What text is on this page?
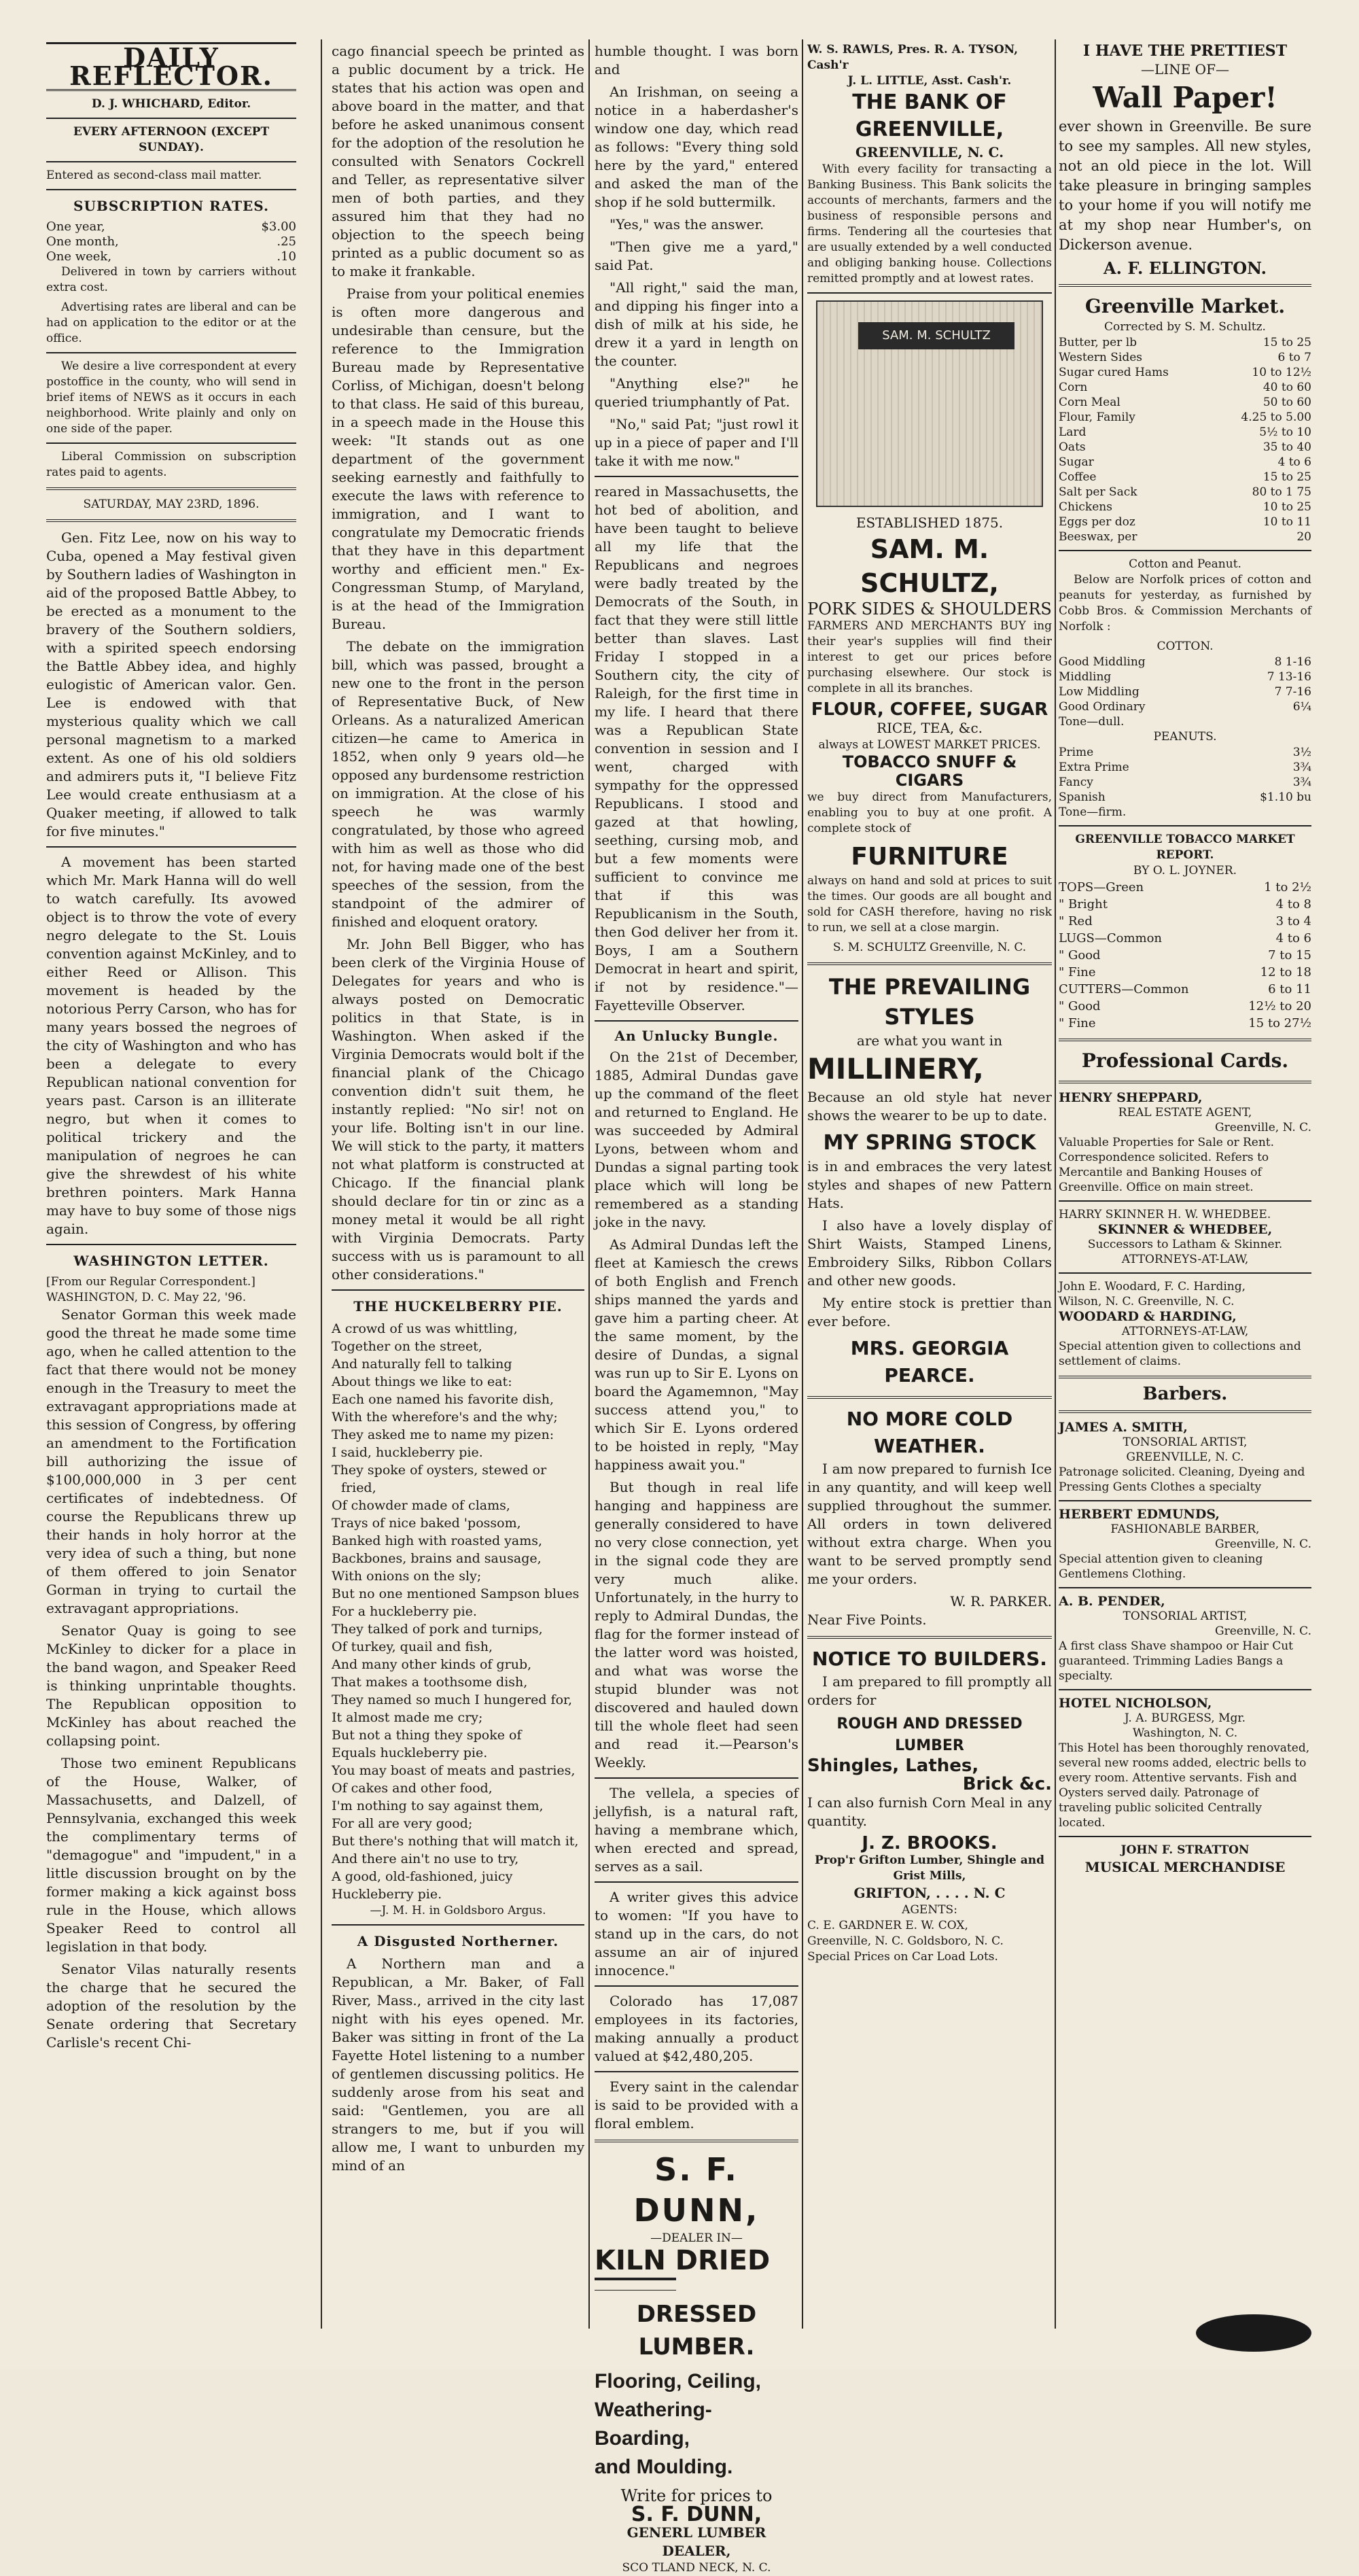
DAILY REFLECTOR.
D. J. WHICHARD, Editor.
EVERY AFTERNOON (EXCEPT SUNDAY).
Entered as second-class mail matter.
SUBSCRIPTION RATES.
One year,	$3.00
One month,	.25
One week,	.10

Delivered in town by carriers without extra cost.

Advertising rates are liberal and can be had on application to the editor or at the office.

We desire a live correspondent at every postoffice in the county, who will send in brief items of NEWS as it occurs in each neighborhood. Write plainly and only on one side of the paper.

Liberal Commission on subscription rates paid to agents.

SATURDAY, MAY 23RD, 1896.

Gen. Fitz Lee, now on his way to Cuba, opened a May festival given by Southern ladies of Washington in aid of the proposed Battle Abbey, to be erected as a monument to the bravery of the Southern soldiers, with a spirited speech endorsing the Battle Abbey idea, and highly eulogistic of American valor. Gen. Lee is endowed with that mysterious quality which we call personal magnetism to a marked extent. As one of his old soldiers and admirers puts it, "I believe Fitz Lee would create enthusiasm at a Quaker meeting, if allowed to talk for five minutes."

A movement has been started which Mr. Mark Hanna will do well to watch carefully. Its avowed object is to throw the vote of every negro delegate to the St. Louis convention against McKinley, and to either Reed or Allison. This movement is headed by the notorious Perry Carson, who has for many years bossed the negroes of the city of Washington and who has been a delegate to every Republican national convention for years past. Carson is an illiterate negro, but when it comes to political trickery and the manipulation of negroes he can give the shrewdest of his white brethren pointers. Mark Hanna may have to buy some of those nigs again.

WASHINGTON LETTER.
[From our Regular Correspondent.]
WASHINGTON, D. C. May 22, '96.

Senator Gorman this week made good the threat he made some time ago, when he called attention to the fact that there would not be money enough in the Treasury to meet the extravagant appropriations made at this session of Congress, by offering an amendment to the Fortification bill authorizing the issue of $100,000,000 in 3 per cent certificates of indebtedness. Of course the Republicans threw up their hands in holy horror at the very idea of such a thing, but none of them offered to join Senator Gorman in trying to curtail the extravagant appropriations.

Senator Quay is going to see McKinley to dicker for a place in the band wagon, and Speaker Reed is thinking unprintable thoughts. The Republican opposition to McKinley has about reached the collapsing point.

Those two eminent Republicans of the House, Walker, of Massachusetts, and Dalzell, of Pennsylvania, exchanged this week the complimentary terms of "demagogue" and "impudent," in a little discussion brought on by the former making a kick against boss rule in the House, which allows Speaker Reed to control all legislation in that body.

Senator Vilas naturally resents the charge that he secured the adoption of the resolution by the Senate ordering that Secretary Carlisle's recent Chi-

cago financial speech be printed as a public document by a trick. He states that his action was open and above board in the matter, and that before he asked unanimous consent for the adoption of the resolution he consulted with Senators Cockrell and Teller, as representative silver men of both parties, and they assured him that they had no objection to the speech being printed as a public document so as to make it frankable.

Praise from your political enemies is often more dangerous and undesirable than censure, but the reference to the Immigration Bureau made by Representative Corliss, of Michigan, doesn't belong to that class. He said of this bureau, in a speech made in the House this week: "It stands out as one department of the government seeking earnestly and faithfully to execute the laws with reference to immigration, and I want to congratulate my Democratic friends that they have in this department worthy and efficient men." Ex-Congressman Stump, of Maryland, is at the head of the Immigration Bureau.

The debate on the immigration bill, which was passed, brought a new one to the front in the person of Representative Buck, of New Orleans. As a naturalized American citizen—he came to America in 1852, when only 9 years old—he opposed any burdensome restriction on immigration. At the close of his speech he was warmly congratulated, by those who agreed with him as well as those who did not, for having made one of the best speeches of the session, from the standpoint of the admirer of finished and eloquent oratory.

Mr. John Bell Bigger, who has been clerk of the Virginia House of Delegates for years and who is always posted on Democratic politics in that State, is in Washington. When asked if the Virginia Democrats would bolt if the financial plank of the Chicago convention didn't suit them, he instantly replied: "No sir! not on your life. Bolting isn't in our line. We will stick to the party, it matters not what platform is constructed at Chicago. If the financial plank should declare for tin or zinc as a money metal it would be all right with Virginia Democrats. Party success with us is paramount to all other considerations."

THE HUCKELBERRY PIE.
A crowd of us was whittling,
Together on the street,
And naturally fell to talking
About things we like to eat:
Each one named his favorite dish,
With the wherefore's and the why;
They asked me to name my pizen:
I said, huckleberry pie.
They spoke of oysters, stewed or fried,
Of chowder made of clams,
Trays of nice baked 'possom,
Banked high with roasted yams,
Backbones, brains and sausage,
With onions on the sly;
But no one mentioned Sampson blues
For a huckleberry pie.
They talked of pork and turnips,
Of turkey, quail and fish,
And many other kinds of grub,
That makes a toothsome dish,
They named so much I hungered for,
It almost made me cry;
But not a thing they spoke of
Equals huckleberry pie.
You may boast of meats and pastries,
Of cakes and other food,
I'm nothing to say against them,
For all are very good;
But there's nothing that will match it,
And there ain't no use to try,
A good, old-fashioned, juicy
Huckleberry pie.
—J. M. H. in Goldsboro Argus.
A Disgusted Northerner.

A Northern man and a Republican, a Mr. Baker, of Fall River, Mass., arrived in the city last night with his eyes opened. Mr. Baker was sitting in front of the La Fayette Hotel listening to a number of gentlemen discussing politics. He suddenly arose from his seat and said: "Gentlemen, you are all strangers to me, but if you will allow me, I want to unburden my mind of an

humble thought. I was born and

An Irishman, on seeing a notice in a haberdasher's window one day, which read as follows: "Every thing sold here by the yard," entered and asked the man of the shop if he sold buttermilk.

"Yes," was the answer.

"Then give me a yard," said Pat.

"All right," said the man, and dipping his finger into a dish of milk at his side, he drew it a yard in length on the counter.

"Anything else?" he queried triumphantly of Pat.

"No," said Pat; "just rowl it up in a piece of paper and I'll take it with me now."

reared in Massachusetts, the hot bed of abolition, and have been taught to believe all my life that the Republicans and negroes were badly treated by the Democrats of the South, in fact that they were still little better than slaves. Last Friday I stopped in a Southern city, the city of Raleigh, for the first time in my life. I heard that there was a Republican State convention in session and I went, charged with sympathy for the oppressed Republicans. I stood and gazed at that howling, seething, cursing mob, and but a few moments were sufficient to convince me that if this was Republicanism in the South, then God deliver her from it. Boys, I am a Southern Democrat in heart and spirit, if not by residence."—Fayetteville Observer.

An Unlucky Bungle.

On the 21st of December, 1885, Admiral Dundas gave up the command of the fleet and returned to England. He was succeeded by Admiral Lyons, between whom and Dundas a signal parting took place which will long be remembered as a standing joke in the navy.

As Admiral Dundas left the fleet at Kamiesch the crews of both English and French ships manned the yards and gave him a parting cheer. At the same moment, by the desire of Dundas, a signal was run up to Sir E. Lyons on board the Agamemnon, "May success attend you," to which Sir E. Lyons ordered to be hoisted in reply, "May happiness await you."

But though in real life hanging and happiness are generally considered to have no very close connection, yet in the signal code they are very much alike. Unfortunately, in the hurry to reply to Admiral Dundas, the flag for the former instead of the latter word was hoisted, and what was worse the stupid blunder was not discovered and hauled down till the whole fleet had seen and read it.—Pearson's Weekly.

The vellela, a species of jellyfish, is a natural raft, having a membrane which, when erected and spread, serves as a sail.

A writer gives this advice to women: "If you have to stand up in the cars, do not assume an air of injured innocence."

Colorado has 17,087 employees in its factories, making annually a product valued at $42,480,205.

Every saint in the calendar is said to be provided with a floral emblem.

S. F. DUNN,
—DEALER IN—
KILN DRIED
DRESSED LUMBER.
Flooring, Ceiling,
Weathering-Boarding,
and Moulding.
Write for prices to
S. F. DUNN,
GENERL LUMBER DEALER,
SCO TLAND NECK, N. C.
W. S. RAWLS, Pres. R. A. TYSON, Cash'r
J. L. LITTLE, Asst. Cash'r.
THE BANK OF GREENVILLE,
GREENVILLE, N. C.

With every facility for transacting a Banking Business. This Bank solicits the accounts of merchants, farmers and the business of responsible persons and firms. Tendering all the courtesies that are usually extended by a well conducted and obliging banking house. Collections remitted promptly and at lowest rates.

SAM. M. SCHULTZ
ESTABLISHED 1875.
SAM. M. SCHULTZ,
PORK SIDES & SHOULDERS

FARMERS AND MERCHANTS BUY ing their year's supplies will find their interest to get our prices before purchasing elsewhere. Our stock is complete in all its branches.

FLOUR, COFFEE, SUGAR
RICE, TEA, &c.
always at LOWEST MARKET PRICES.
TOBACCO SNUFF & CIGARS

we buy direct from Manufacturers, enabling you to buy at one profit. A complete stock of

FURNITURE

always on hand and sold at prices to suit the times. Our goods are all bought and sold for CASH therefore, having no risk to run, we sell at a close margin.

S. M. SCHULTZ Greenville, N. C.
THE PREVAILING STYLES
are what you want in
MILLINERY,

Because an old style hat never shows the wearer to be up to date.

MY SPRING STOCK

is in and embraces the very latest styles and shapes of new Pattern Hats.

I also have a lovely display of Shirt Waists, Stamped Linens, Embroidery Silks, Ribbon Collars and other new goods.

My entire stock is prettier than ever before.

MRS. GEORGIA PEARCE.
NO MORE COLD WEATHER.

I am now prepared to furnish Ice in any quantity, and will keep well supplied throughout the summer. All orders in town delivered without extra charge. When you want to be served promptly send me your orders.

W. R. PARKER.
Near Five Points.
NOTICE TO BUILDERS.

I am prepared to fill promptly all orders for

ROUGH AND DRESSED LUMBER
Shingles, Lathes,
Brick &c.

I can also furnish Corn Meal in any quantity.

J. Z. BROOKS.
Prop'r Grifton Lumber, Shingle and Grist Mills,
GRIFTON, . . . . N. C
AGENTS:
C. E. GARDNER E. W. COX,
Greenville, N. C. Goldsboro, N. C.
Special Prices on Car Load Lots.
I HAVE THE PRETTIEST
—LINE OF—
Wall Paper!

ever shown in Greenville. Be sure to see my samples. All new styles, not an old piece in the lot. Will take pleasure in bringing samples to your home if you will notify me at my shop near Humber's, on Dickerson avenue.

A. F. ELLINGTON.
Greenville Market.
Corrected by S. M. Schultz.
Butter, per lb	15 to 25
Western Sides	6 to 7
Sugar cured Hams	10 to 12½
Corn	40 to 60
Corn Meal	50 to 60
Flour, Family	4.25 to 5.00
Lard	5½ to 10
Oats	35 to 40
Sugar	4 to 6
Coffee	15 to 25
Salt per Sack	80 to 1 75
Chickens	10 to 25
Eggs per doz	10 to 11
Beeswax, per	20
Cotton and Peanut.

Below are Norfolk prices of cotton and peanuts for yesterday, as furnished by Cobb Bros. & Commission Merchants of Norfolk :

COTTON.
Good Middling	8 1-16
Middling	7 13-16
Low Middling	7 7-16
Good Ordinary	6¼
Tone—dull.
PEANUTS.
Prime	3½
Extra Prime	3¾
Fancy	3¾
Spanish	$1.10 bu
Tone—firm.
GREENVILLE TOBACCO MARKET REPORT.
BY O. L. JOYNER.
TOPS—Green	1 to 2½
" Bright	4 to 8
" Red	3 to 4
LUGS—Common	4 to 6
" Good	7 to 15
" Fine	12 to 18
CUTTERS—Common	6 to 11
" Good	12½ to 20
" Fine	15 to 27½
Professional Cards.
HENRY SHEPPARD,
REAL ESTATE AGENT,
Greenville, N. C.
Valuable Properties for Sale or Rent. Correspondence solicited. Refers to Mercantile and Banking Houses of Greenville. Office on main street.
HARRY SKINNER H. W. WHEDBEE.
SKINNER & WHEDBEE,
Successors to Latham & Skinner.
ATTORNEYS-AT-LAW,
John E. Woodard, F. C. Harding,
Wilson, N. C. Greenville, N. C.
WOODARD & HARDING,
ATTORNEYS-AT-LAW,
Special attention given to collections and settlement of claims.
Barbers.
JAMES A. SMITH,
TONSORIAL ARTIST,
GREENVILLE, N. C.
Patronage solicited. Cleaning, Dyeing and Pressing Gents Clothes a specialty
HERBERT EDMUNDS,
FASHIONABLE BARBER,
Greenville, N. C.
Special attention given to cleaning Gentlemens Clothing.
A. B. PENDER,
TONSORIAL ARTIST,
Greenville, N. C.
A first class Shave shampoo or Hair Cut guaranteed. Trimming Ladies Bangs a specialty.
HOTEL NICHOLSON,
J. A. BURGESS, Mgr.
Washington, N. C.
This Hotel has been thoroughly renovated, several new rooms added, electric bells to every room. Attentive servants. Fish and Oysters served daily. Patronage of traveling public solicited Centrally located.
JOHN F. STRATTON
MUSICAL MERCHANDISE
